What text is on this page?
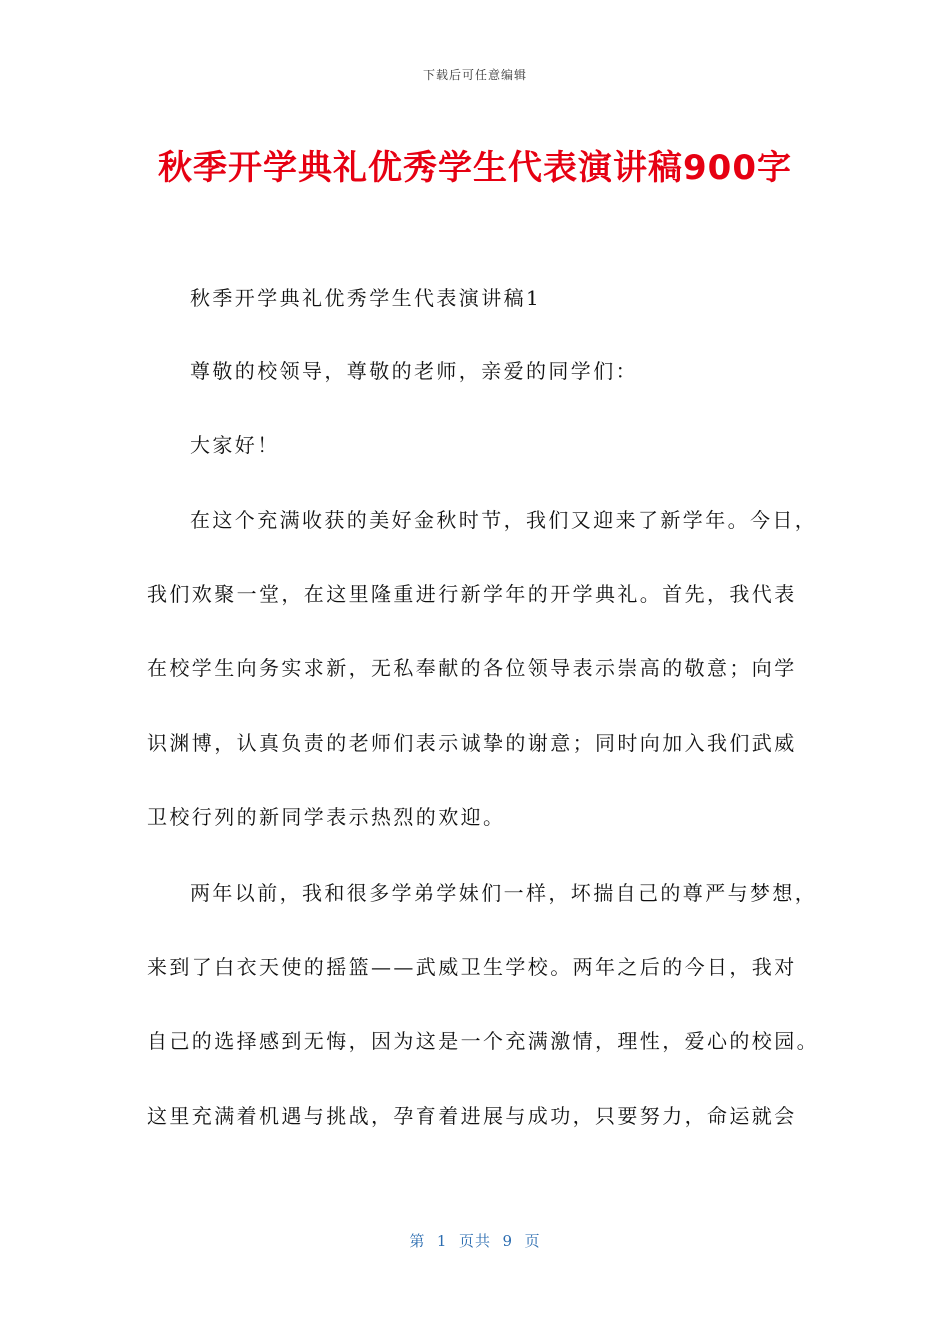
下载后可任意编辑
秋季开学典礼优秀学生代表演讲稿900字
秋季开学典礼优秀学生代表演讲稿1
尊敬的校领导，尊敬的老师，亲爱的同学们：
大家好！
在这个充满收获的美好金秋时节，我们又迎来了新学年。今日，
我们欢聚一堂，在这里隆重进行新学年的开学典礼。首先，我代表
在校学生向务实求新，无私奉献的各位领导表示崇高的敬意；向学
识渊博，认真负责的老师们表示诚挚的谢意；同时向加入我们武威
卫校行列的新同学表示热烈的欢迎。
两年以前，我和很多学弟学妹们一样，坏揣自己的尊严与梦想，
来到了白衣天使的摇篮——武威卫生学校。两年之后的今日，我对
自己的选择感到无悔，因为这是一个充满激情，理性，爱心的校园。
这里充满着机遇与挑战，孕育着进展与成功，只要努力，命运就会
第  1  页共  9  页
